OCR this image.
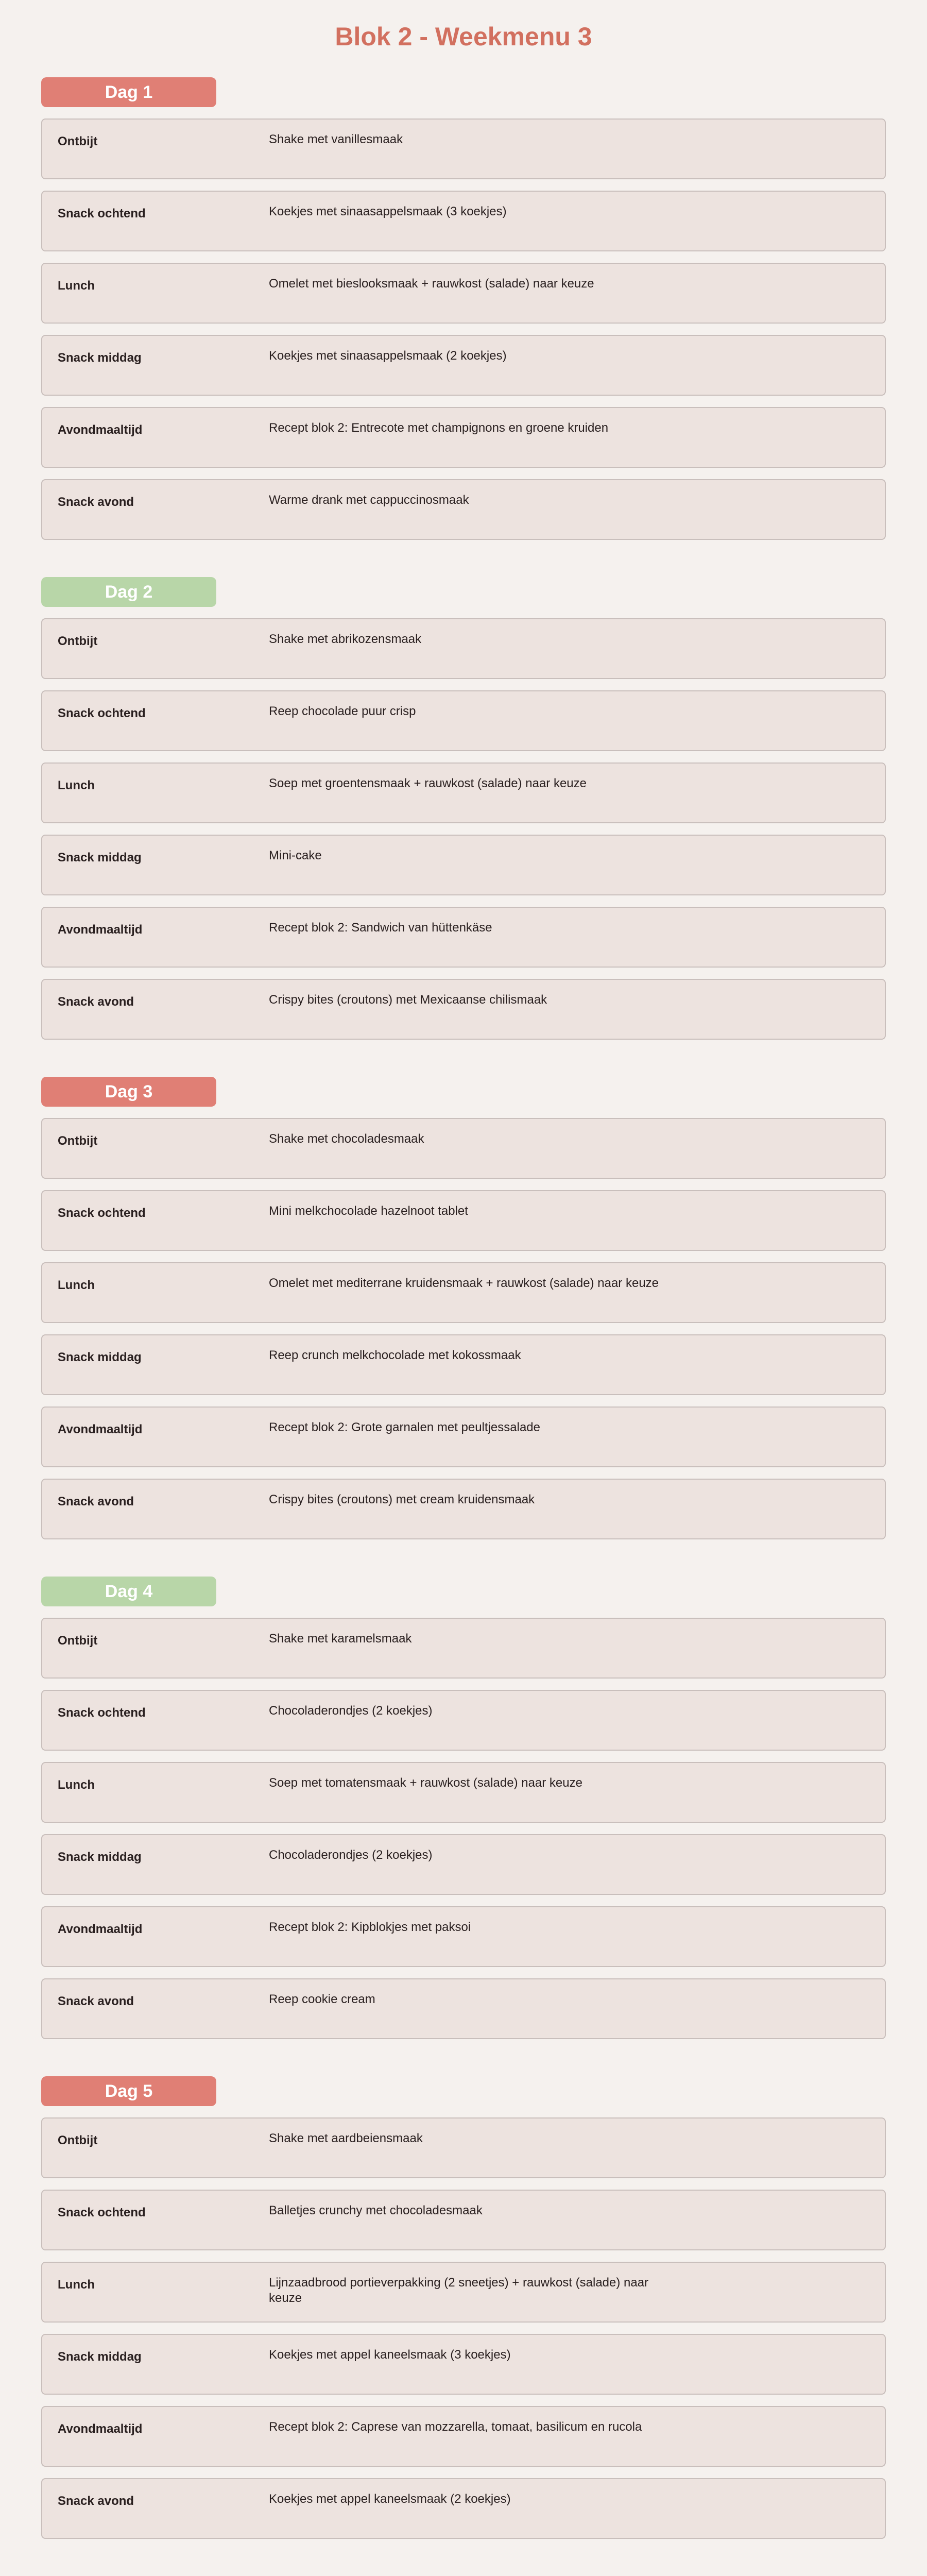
Blok 2 - Weekmenu 3
Dag 1
Ontbijt	Shake met vanillesmaak
Snack ochtend	Koekjes met sinaasappelsmaak (3 koekjes)
Lunch	Omelet met bieslooksmaak + rauwkost (salade) naar keuze
Snack middag	Koekjes met sinaasappelsmaak (2 koekjes)
Avondmaaltijd	Recept blok 2: Entrecote met champignons en groene kruiden
Snack avond	Warme drank met cappuccinosmaak
Dag 2
Ontbijt	Shake met abrikozensmaak
Snack ochtend	Reep chocolade puur crisp
Lunch	Soep met groentensmaak + rauwkost (salade) naar keuze
Snack middag	Mini-cake
Avondmaaltijd	Recept blok 2: Sandwich van hüttenkäse
Snack avond	Crispy bites (croutons) met Mexicaanse chilismaak
Dag 3
Ontbijt	Shake met chocoladesmaak
Snack ochtend	Mini melkchocolade hazelnoot tablet
Lunch	Omelet met mediterrane kruidensmaak + rauwkost (salade) naar keuze
Snack middag	Reep crunch melkchocolade met kokossmaak
Avondmaaltijd	Recept blok 2: Grote garnalen met peultjessalade
Snack avond	Crispy bites (croutons) met cream kruidensmaak
Dag 4
Ontbijt	Shake met karamelsmaak
Snack ochtend	Chocoladerondjes (2 koekjes)
Lunch	Soep met tomatensmaak + rauwkost (salade) naar keuze
Snack middag	Chocoladerondjes (2 koekjes)
Avondmaaltijd	Recept blok 2: Kipblokjes met paksoi
Snack avond	Reep cookie cream
Dag 5
Ontbijt	Shake met aardbeiensmaak
Snack ochtend	Balletjes crunchy met chocoladesmaak
Lunch	Lijnzaadbrood portieverpakking (2 sneetjes) + rauwkost (salade) naar keuze
Snack middag	Koekjes met appel kaneelsmaak (3 koekjes)
Avondmaaltijd	Recept blok 2: Caprese van mozzarella, tomaat, basilicum en rucola
Snack avond	Koekjes met appel kaneelsmaak (2 koekjes)
